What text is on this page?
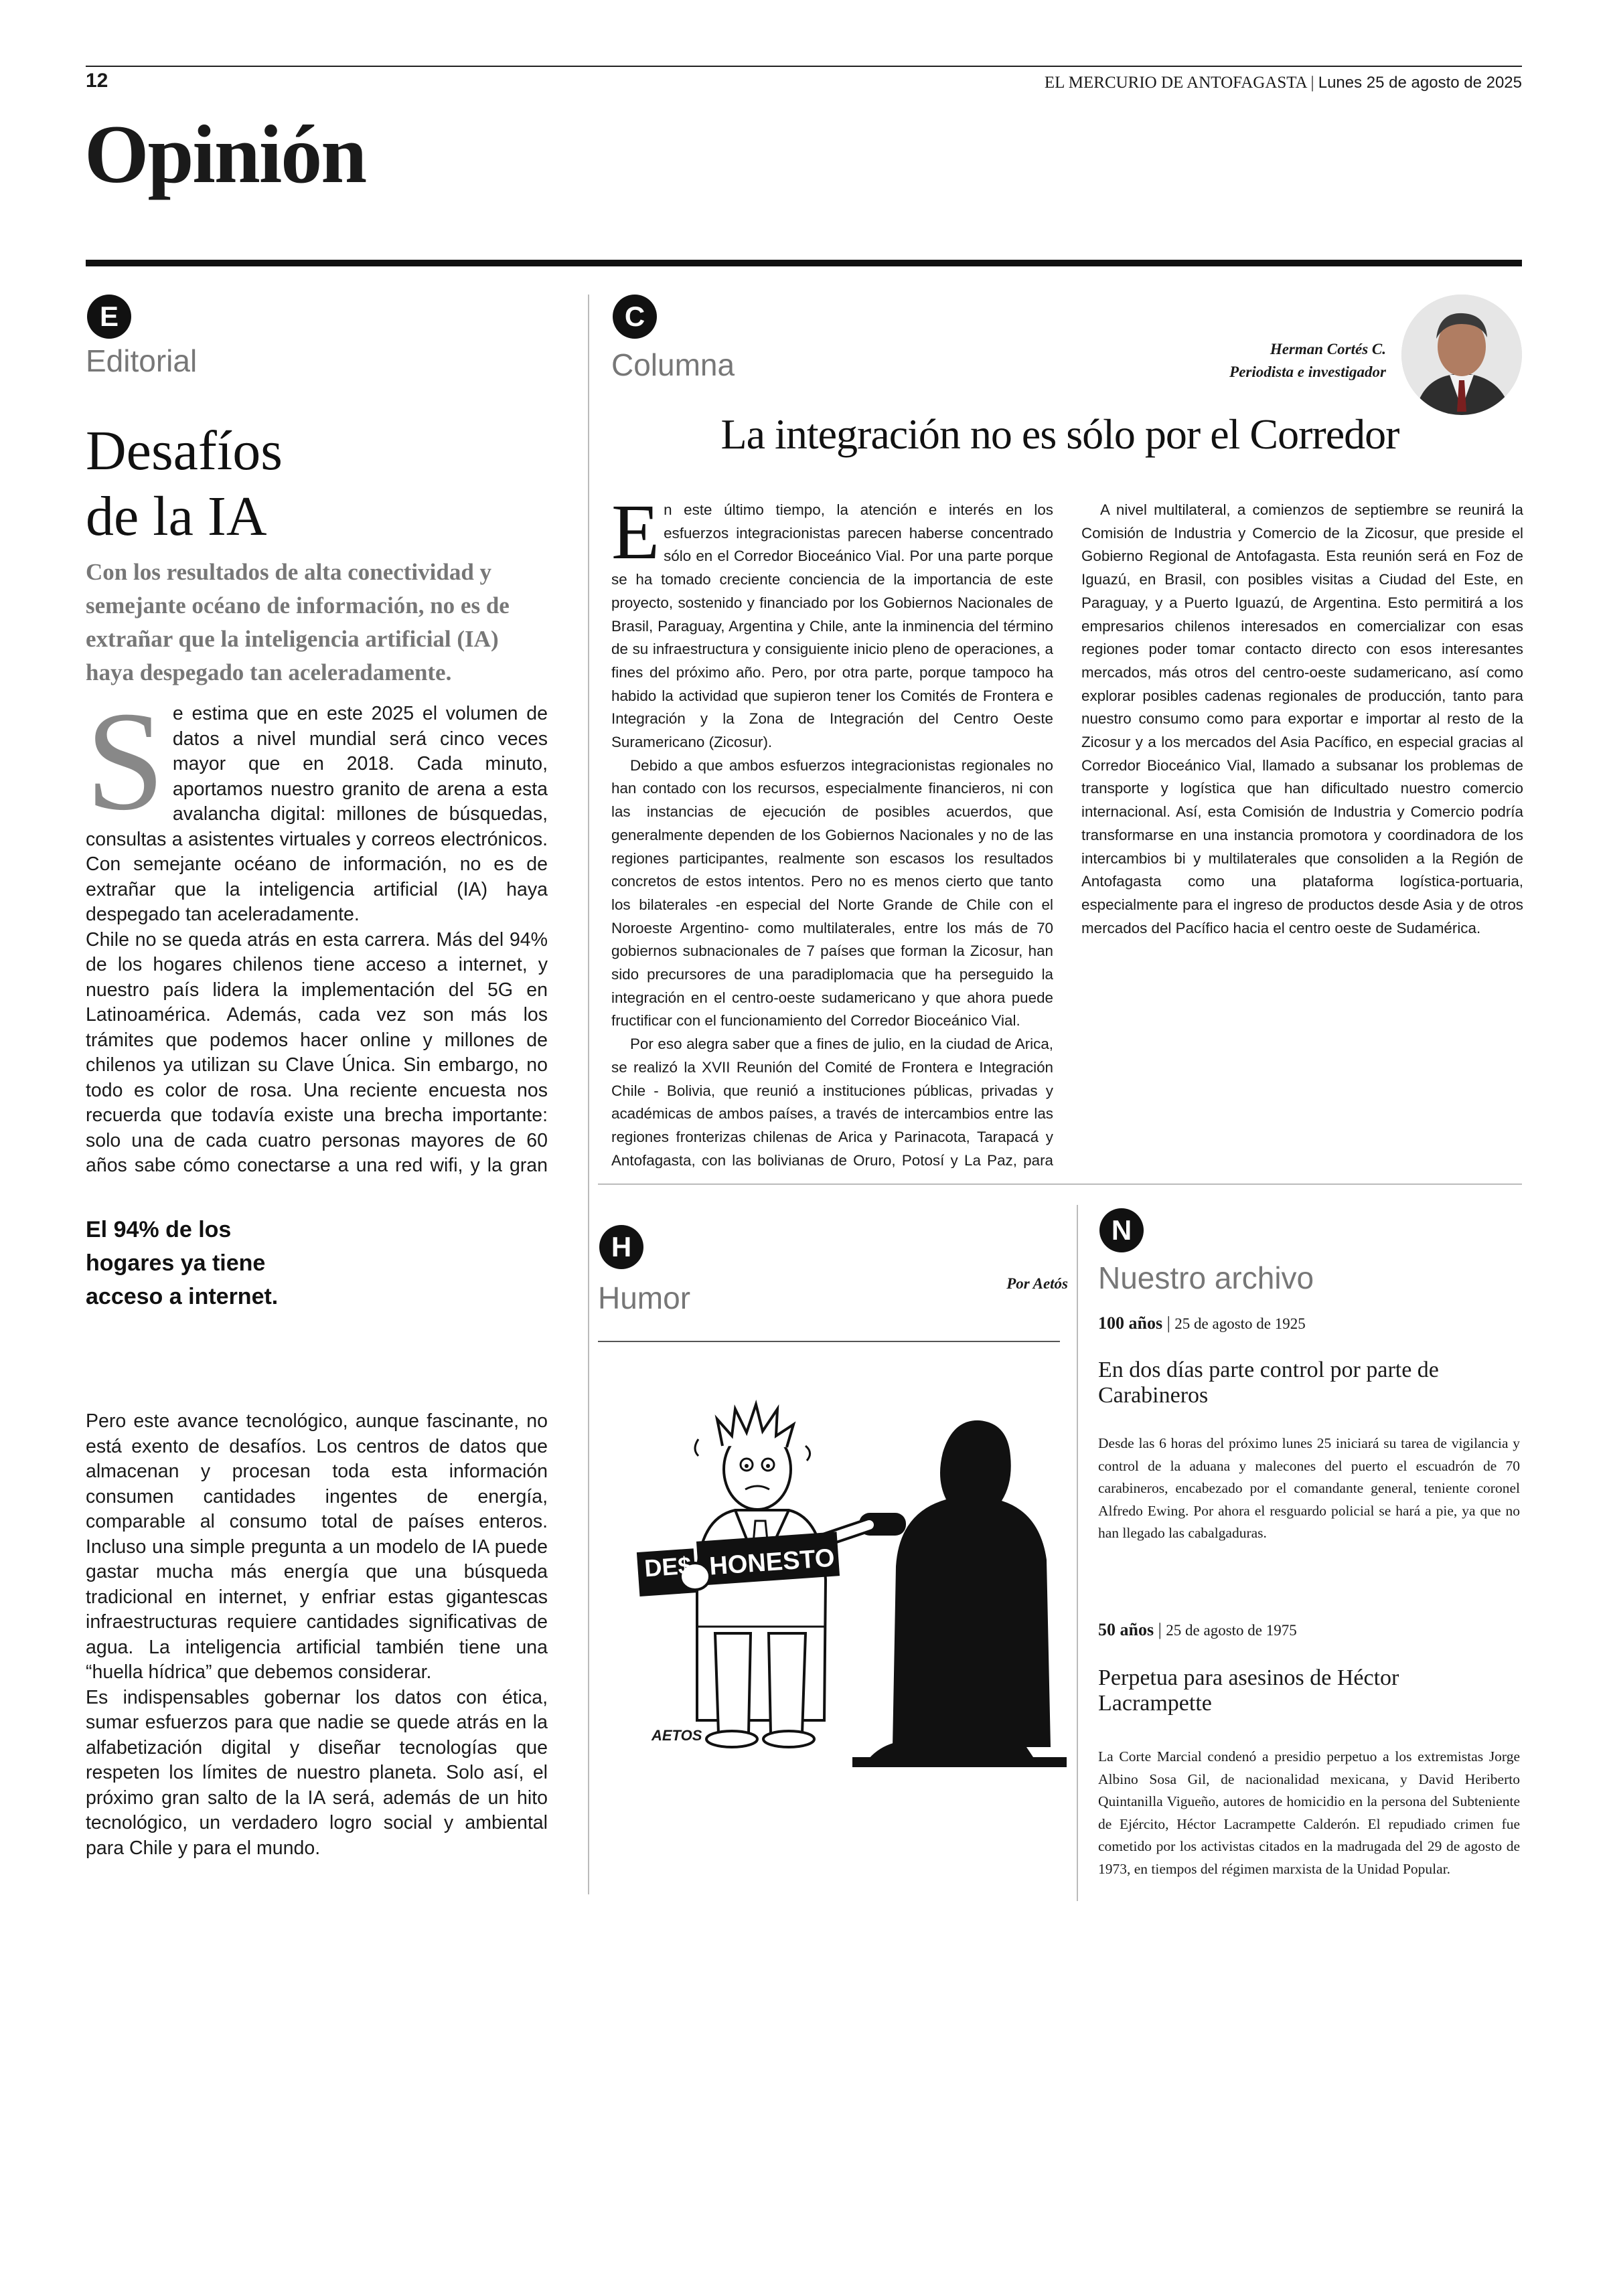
12	EL MERCURIO DE ANTOFAGASTA | Lunes 25 de agosto de 2025
Opinión
E
Editorial
Desafíos
de la IA
Con los resultados de alta conectividad y semejante océano de información, no es de extrañar que la inteligencia artificial (IA) haya despegado tan aceleradamente.
S e estima que en este 2025 el volumen de datos a nivel mundial será cinco veces mayor que en 2018. Cada minuto, aportamos nuestro granito de arena a esta avalancha digital: millones de búsquedas, consultas a asistentes virtuales y correos electrónicos. Con semejante océano de información, no es de extrañar que la inteligencia artificial (IA) haya despegado tan aceleradamente.

Chile no se queda atrás en esta carrera. Más del 94% de los hogares chilenos tiene acceso a internet, y nuestro país lidera la implementación del 5G en Latinoamérica. Además, cada vez son más los trámites que podemos hacer online y millones de chilenos ya utilizan su Clave Única. Sin embargo, no todo es color de rosa. Una reciente encuesta nos recuerda que todavía existe una brecha importante: solo una de cada cuatro personas mayores de 60 años sabe cómo conectarse a una red wifi, y la gran

El 94% de los hogares ya tiene acceso a internet.

Pero este avance tecnológico, aunque fascinante, no está exento de desafíos. Los centros de datos que almacenan y procesan toda esta información consumen cantidades ingentes de energía, comparable al consumo total de países enteros. Incluso una simple pregunta a un modelo de IA puede gastar mucha más energía que una búsqueda tradicional en internet, y enfriar estas gigantescas infraestructuras requiere cantidades significativas de agua. La inteligencia artificial también tiene una “huella hídrica” que debemos considerar.

Es indispensables gobernar los datos con ética, sumar esfuerzos para que nadie se quede atrás en la alfabetización digital y diseñar tecnologías que respeten los límites de nuestro planeta. Solo así, el próximo gran salto de la IA será, además de un hito tecnológico, un verdadero logro social y ambiental para Chile y para el mundo.

C
Columna	Herman Cortés C.
Periodista e investigador
La integración no es sólo por el Corredor
E n este último tiempo, la atención e interés en los esfuerzos integracionistas parecen haberse concentrado sólo en el Corredor Bioceánico Vial. Por una parte porque se ha tomado creciente conciencia de la importancia de este proyecto, sostenido y financiado por los Gobiernos Nacionales de Brasil, Paraguay, Argentina y Chile, ante la inminencia del término de su infraestructura y consiguiente inicio pleno de operaciones, a fines del próximo año. Pero, por otra parte, porque tampoco ha habido la actividad que supieron tener los Comités de Frontera e Integración y la Zona de Integración del Centro Oeste Suramericano (Zicosur).

Debido a que ambos esfuerzos integracionistas regionales no han contado con los recursos, especialmente financieros, ni con las instancias de ejecución de posibles acuerdos, que generalmente dependen de los Gobiernos Nacionales y no de las regiones participantes, realmente son escasos los resultados concretos de estos intentos. Pero no es menos cierto que tanto los bilaterales -en especial del Norte Grande de Chile con el Noroeste Argentino- como multilaterales, entre los más de 70 gobiernos subnacionales de 7 países que forman la Zicosur, han sido precursores de una paradiplomacia que ha perseguido la integración en el centro-oeste sudamericano y que ahora puede fructificar con el funcionamiento del Corredor Bioceánico Vial.

Por eso alegra saber que a fines de julio, en la ciudad de Arica, se realizó la XVII Reunión del Comité de Frontera e Integración Chile - Bolivia, que reunió a instituciones públicas, privadas y académicas de ambos países, a través de intercambios entre las regiones fronterizas chilenas de Arica y Parinacota, Tarapacá y Antofagasta, con las bolivianas de Oruro, Potosí y La Paz, para

A nivel multilateral, a comienzos de septiembre se reunirá la Comisión de Industria y Comercio de la Zicosur, que preside el Gobierno Regional de Antofagasta. Esta reunión será en Foz de Iguazú, en Brasil, con posibles visitas a Ciudad del Este, en Paraguay, y a Puerto Iguazú, de Argentina. Esto permitirá a los empresarios chilenos interesados en comercializar con esas regiones poder tomar contacto directo con esos interesantes mercados, más otros del centro-oeste sudamericano, así como explorar posibles cadenas regionales de producción, tanto para nuestro consumo como para exportar e importar al resto de la Zicosur y a los mercados del Asia Pacífico, en especial gracias al Corredor Bioceánico Vial, llamado a subsanar los problemas de transporte y logística que han dificultado nuestro comercio internacional. Así, esta Comisión de Industria y Comercio podría transformarse en una instancia promotora y coordinadora de los intercambios bi y multilaterales que consoliden a la Región de Antofagasta como una plataforma logística-portuaria, especialmente para el ingreso de productos desde Asia y de otros mercados del Pacífico hacia el centro oeste de Sudamérica.

H
Humor	Por Aetós
DE$ HONESTO
AETOS
N
Nuestro archivo
100 años | 25 de agosto de 1925
En dos días parte control por parte de Carabineros
Desde las 6 horas del próximo lunes 25 iniciará su tarea de vigilancia y control de la aduana y malecones del puerto el escuadrón de 70 carabineros, encabezado por el comandante general, teniente coronel Alfredo Ewing. Por ahora el resguardo policial se hará a pie, ya que no han llegado las cabalgaduras.
50 años | 25 de agosto de 1975
Perpetua para asesinos de Héctor Lacrampette
La Corte Marcial condenó a presidio perpetuo a los extremistas Jorge Albino Sosa Gil, de nacionalidad mexicana, y David Heriberto Quintanilla Vigueño, autores de homicidio en la persona del Subteniente de Ejército, Héctor Lacrampette Calderón. El repudiado crimen fue cometido por los activistas citados en la madrugada del 29 de agosto de 1973, en tiempos del régimen marxista de la Unidad Popular.
